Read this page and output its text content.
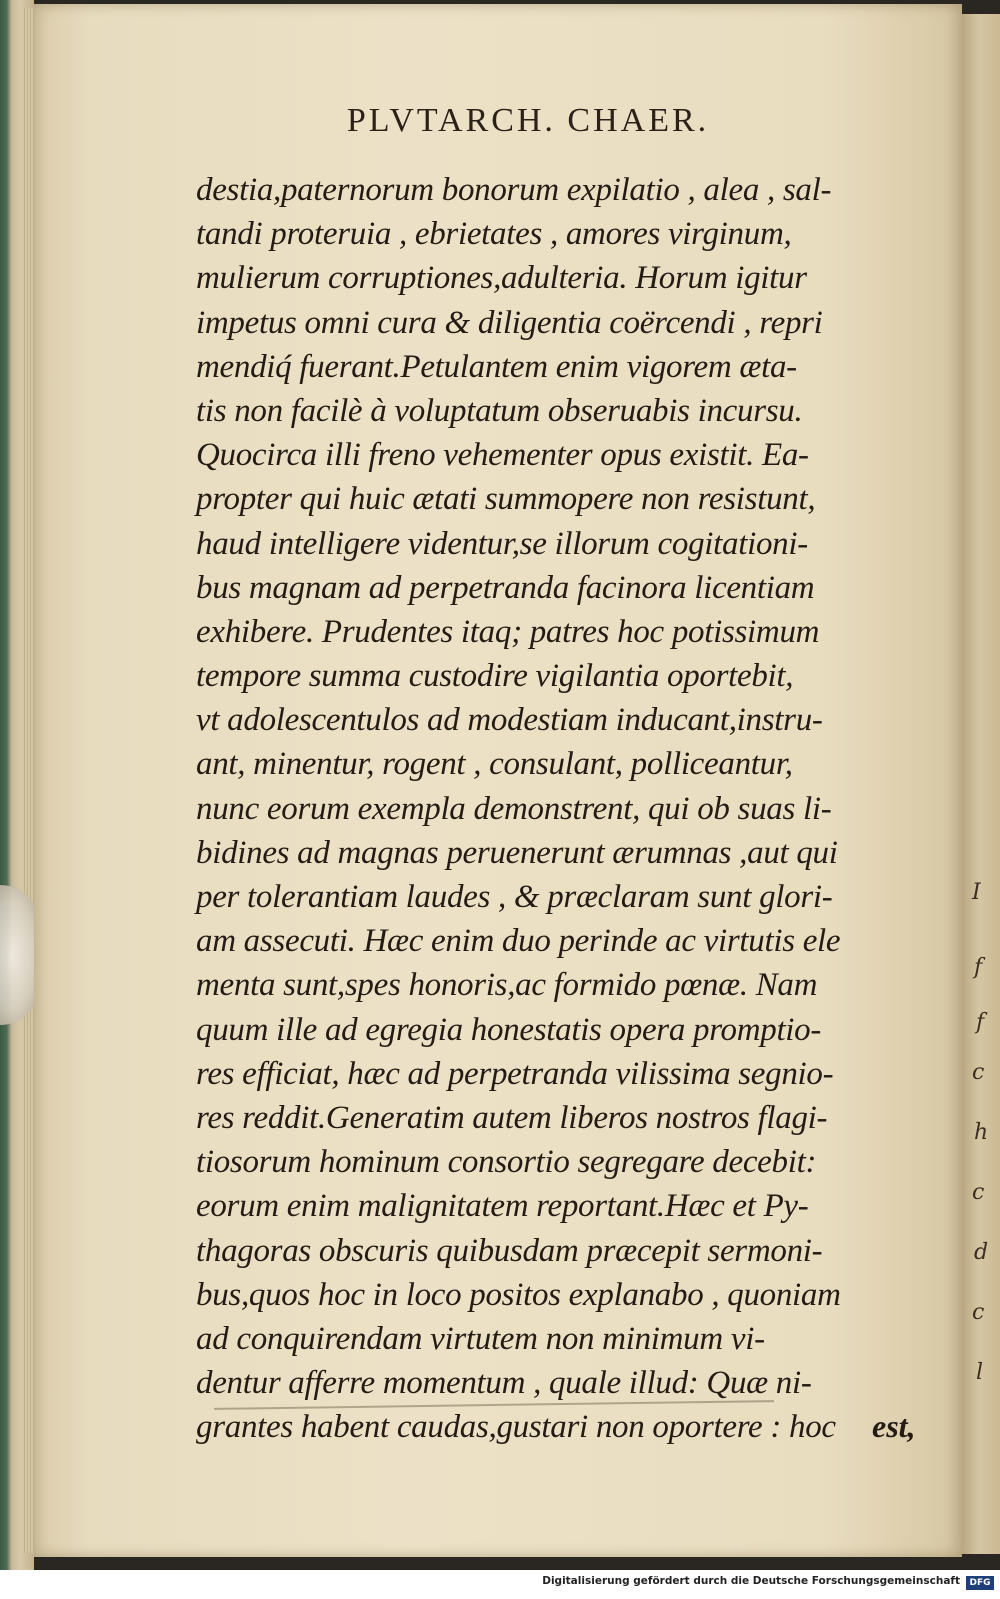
PLVTARCH. CHAER.
destia,paternorum bonorum expilatio , alea , sal-
tandi proteruia , ebrietates , amores virginum,
mulierum corruptiones,adulteria. Horum igitur
impetus omni cura & diligentia coërcendi , repri
mendiq́ fuerant.Petulantem enim vigorem æta-
tis non facilè à voluptatum obseruabis incursu.
Quocirca illi freno vehementer opus existit. Ea-
propter qui huic ætati summopere non resistunt,
haud intelligere videntur,se illorum cogitationi-
bus magnam ad perpetranda facinora licentiam
exhibere. Prudentes itaq; patres hoc potissimum
tempore summa custodire vigilantia oportebit,
vt adolescentulos ad modestiam inducant,instru-
ant, minentur, rogent , consulant, polliceantur,
nunc eorum exempla demonstrent, qui ob suas li-
bidines ad magnas peruenerunt ærumnas ,aut qui
per tolerantiam laudes , & præclaram sunt glori-
am assecuti. Hæc enim duo perinde ac virtutis ele
menta sunt,spes honoris,ac formido pœnæ. Nam
quum ille ad egregia honestatis opera promptio-
res efficiat, hæc ad perpetranda vilissima segnio-
res reddit.Generatim autem liberos nostros flagi-
tiosorum hominum consortio segregare decebit:
eorum enim malignitatem reportant.Hæc et Py-
thagoras obscuris quibusdam præcepit sermoni-
bus,quos hoc in loco positos explanabo , quoniam
ad conquirendam virtutem non minimum vi-
dentur afferre momentum , quale illud: Quæ ni-
grantes habent caudas,gustari non oportere : hoc	est,
I
f
f
c
h
c
d
c
l
Digitalisierung gefördert durch die Deutsche Forschungsgemeinschaft	DFG
